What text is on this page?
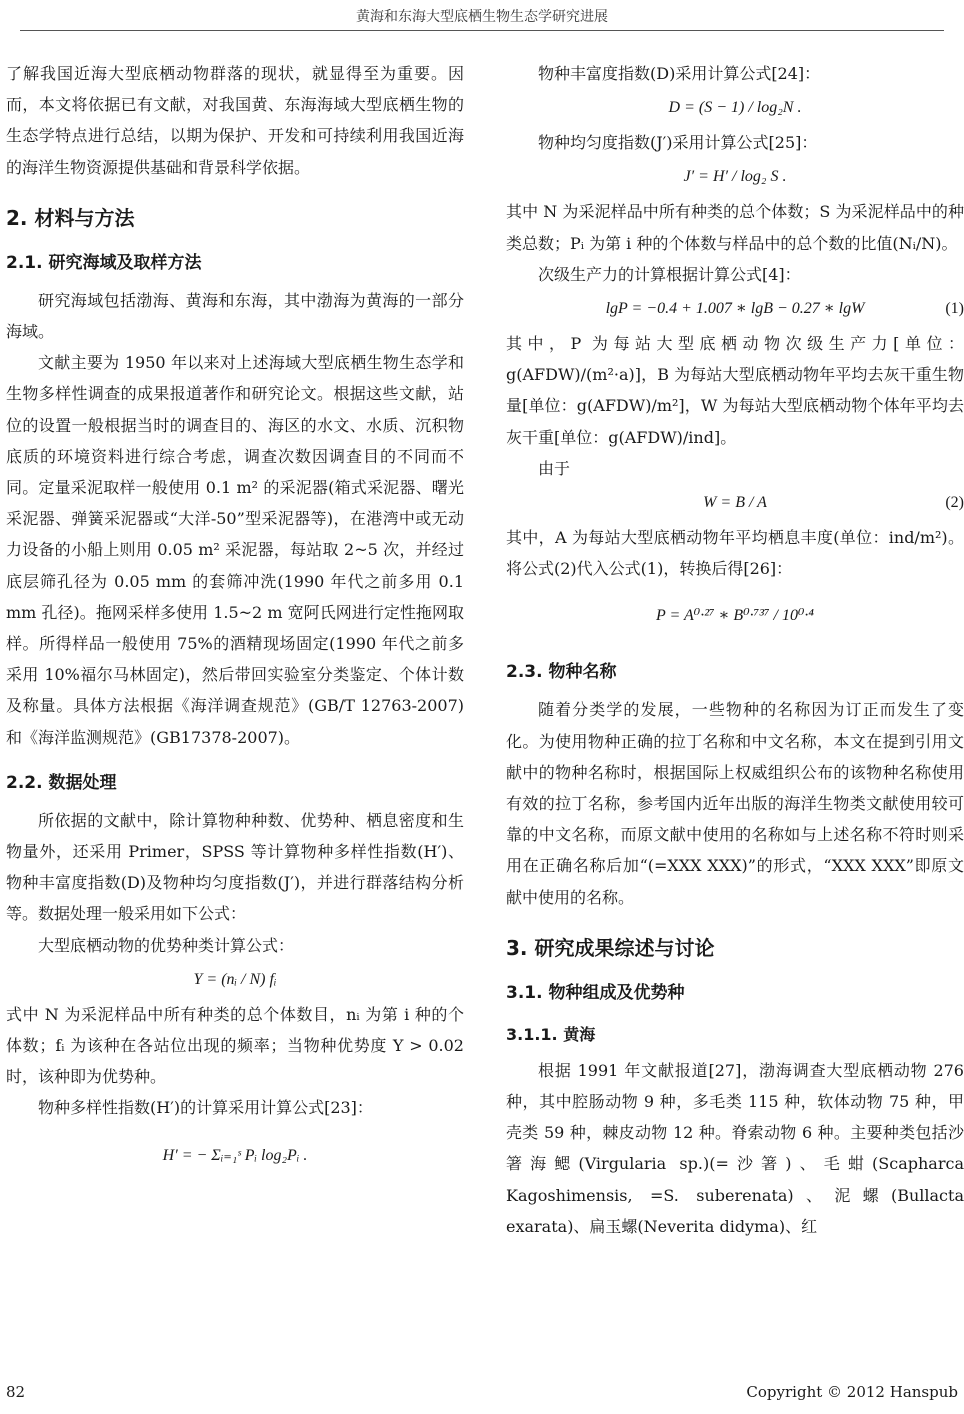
黄海和东海大型底栖生物生态学研究进展

了解我国近海大型底栖动物群落的现状，就显得至为重要。因而，本文将依据已有文献，对我国黄、东海海域大型底栖生物的生态学特点进行总结，以期为保护、开发和可持续利用我国近海的海洋生物资源提供基础和背景科学依据。

2. 材料与方法
2.1. 研究海域及取样方法

研究海域包括渤海、黄海和东海，其中渤海为黄海的一部分海域。

文献主要为 1950 年以来对上述海域大型底栖生物生态学和生物多样性调查的成果报道著作和研究论文。根据这些文献，站位的设置一般根据当时的调查目的、海区的水文、水质、沉积物底质的环境资料进行综合考虑，调查次数因调查目的不同而不同。定量采泥取样一般使用 0.1 m² 的采泥器(箱式采泥器、曙光采泥器、弹簧采泥器或“大洋-50”型采泥器等)，在港湾中或无动力设备的小船上则用 0.05 m² 采泥器，每站取 2~5 次，并经过底层筛孔径为 0.05 mm 的套筛冲洗(1990 年代之前多用 0.1 mm 孔径)。拖网采样多使用 1.5~2 m 宽阿氏网进行定性拖网取样。所得样品一般使用 75%的酒精现场固定(1990 年代之前多采用 10%福尔马林固定)，然后带回实验室分类鉴定、个体计数及称量。具体方法根据《海洋调查规范》(GB/T 12763-2007)和《海洋监测规范》(GB17378-2007)。

2.2. 数据处理

所依据的文献中，除计算物种种数、优势种、栖息密度和生物量外，还采用 Primer，SPSS 等计算物种多样性指数(H′)、物种丰富度指数(D)及物种均匀度指数(J′)，并进行群落结构分析等。数据处理一般采用如下公式：

大型底栖动物的优势种类计算公式：

Y = (nᵢ / N) fᵢ

式中 N 为采泥样品中所有种类的总个体数目，nᵢ 为第 i 种的个体数；fᵢ 为该种在各站位出现的频率；当物种优势度 Y > 0.02 时，该种即为优势种。

物种多样性指数(H′)的计算采用计算公式[23]：

H′ = − Σᵢ₌₁ˢ Pᵢ log₂Pᵢ .

物种丰富度指数(D)采用计算公式[24]：

D = (S − 1) / log₂N .

物种均匀度指数(J′)采用计算公式[25]：

J′ = H′ / log₂ S .

其中 N 为采泥样品中所有种类的总个体数；S 为采泥样品中的种类总数；Pᵢ 为第 i 种的个体数与样品中的总个数的比值(Nᵢ/N)。

次级生产力的计算根据计算公式[4]：

lgP = −0.4 + 1.007 ∗ lgB − 0.27 ∗ lgW	(1)

其中，P 为每站大型底栖动物次级生产力[单位：g(AFDW)/(m²·a)]，B 为每站大型底栖动物年平均去灰干重生物量[单位：g(AFDW)/m²]，W 为每站大型底栖动物个体年平均去灰干重[单位：g(AFDW)/ind]。

由于

W = B / A	(2)

其中，A 为每站大型底栖动物年平均栖息丰度(单位：ind/m²)。将公式(2)代入公式(1)，转换后得[26]：

P = A⁰·²⁷ ∗ B⁰·⁷³⁷ / 10⁰·⁴
2.3. 物种名称

随着分类学的发展，一些物种的名称因为订正而发生了变化。为使用物种正确的拉丁名称和中文名称，本文在提到引用文献中的物种名称时，根据国际上权威组织公布的该物种名称使用有效的拉丁名称，参考国内近年出版的海洋生物类文献使用较可靠的中文名称，而原文献中使用的名称如与上述名称不符时则采用在正确名称后加“(=XXX XXX)”的形式，“XXX XXX”即原文献中使用的名称。

3. 研究成果综述与讨论
3.1. 物种组成及优势种
3.1.1. 黄海

根据 1991 年文献报道[27]，渤海调查大型底栖动物 276 种，其中腔肠动物 9 种，多毛类 115 种，软体动物 75 种，甲壳类 59 种，棘皮动物 12 种。脊索动物 6 种。主要种类包括沙箸海鳃(Virgularia sp.)(=沙箸)、毛蚶(Scapharca Kagoshimensis, =S. suberenata)、泥螺(Bullacta exarata)、扁玉螺(Neverita didyma)、红

82	Copyright © 2012 Hanspub
